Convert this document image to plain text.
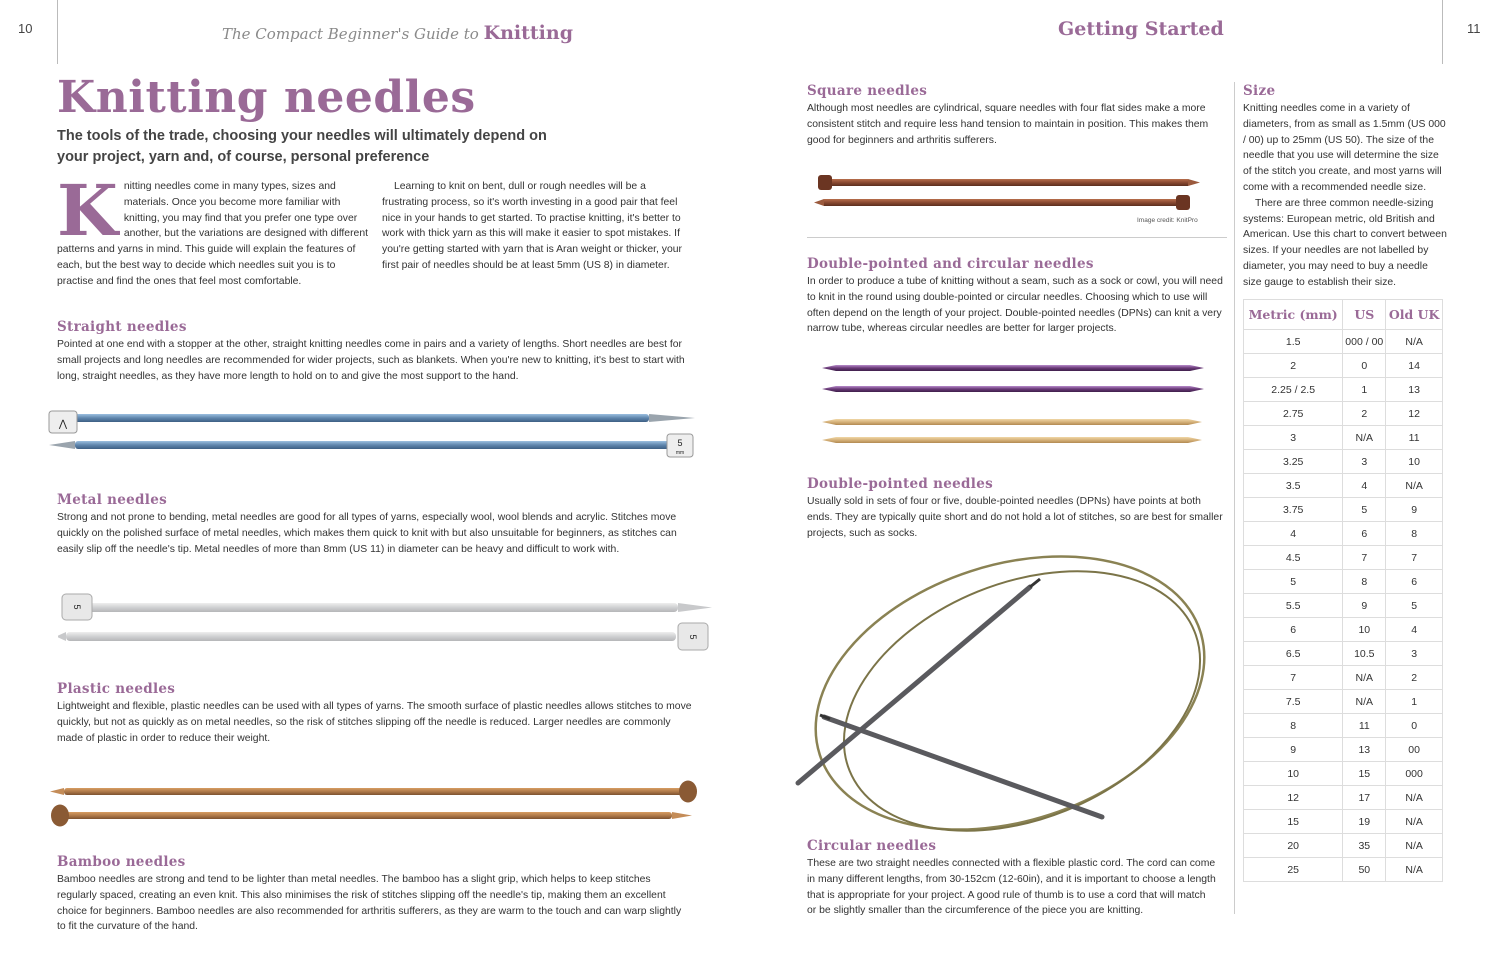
10	The Compact Beginner's Guide to Knitting	Getting Started	11
Knitting needles
The tools of the trade, choosing your needles will ultimately depend on your project, yarn and, of course, personal preference
K nitting needles come in many types, sizes and materials. Once you become more familiar with knitting, you may find that you prefer one type over another, but the variations are designed with different patterns and yarns in mind. This guide will explain the features of each, but the best way to decide which needles suit you is to practise and find the ones that feel most comfortable.

Learning to knit on bent, dull or rough needles will be a frustrating process, so it's worth investing in a good pair that feel nice in your hands to get started. To practise knitting, it's better to work with thick yarn as this will make it easier to spot mistakes. If you're getting started with yarn that is Aran weight or thicker, your first pair of needles should be at least 5mm (US 8) in diameter.

Straight needles
Pointed at one end with a stopper at the other, straight knitting needles come in pairs and a variety of lengths. Short needles are best for small projects and long needles are recommended for wider projects, such as blankets. When you're new to knitting, it's best to start with long, straight needles, as they have more length to hold on to and give the most support to the hand.
⋀
5
mm
Metal needles
Strong and not prone to bending, metal needles are good for all types of yarns, especially wool, wool blends and acrylic. Stitches move quickly on the polished surface of metal needles, which makes them quick to knit with but also unsuitable for beginners, as stitches can easily slip off the needle's tip. Metal needles of more than 8mm (US 11) in diameter can be heavy and difficult to work with.
5
5
Plastic needles
Lightweight and flexible, plastic needles can be used with all types of yarns. The smooth surface of plastic needles allows stitches to move quickly, but not as quickly as on metal needles, so the risk of stitches slipping off the needle is reduced. Larger needles are commonly made of plastic in order to reduce their weight.
Bamboo needles
Bamboo needles are strong and tend to be lighter than metal needles. The bamboo has a slight grip, which helps to keep stitches regularly spaced, creating an even knit. This also minimises the risk of stitches slipping off the needle's tip, making them an excellent choice for beginners. Bamboo needles are also recommended for arthritis sufferers, as they are warm to the touch and can warp slightly to fit the curvature of the hand.
Square needles
Although most needles are cylindrical, square needles with four flat sides make a more consistent stitch and require less hand tension to maintain in position. This makes them good for beginners and arthritis sufferers.
Image credit: KnitPro
Double-pointed and circular needles
In order to produce a tube of knitting without a seam, such as a sock or cowl, you will need to knit in the round using double-pointed or circular needles. Choosing which to use will often depend on the length of your project. Double-pointed needles (DPNs) can knit a very narrow tube, whereas circular needles are better for larger projects.
Double-pointed needles
Usually sold in sets of four or five, double-pointed needles (DPNs) have points at both ends. They are typically quite short and do not hold a lot of stitches, so are best for smaller projects, such as socks.
Circular needles
These are two straight needles connected with a flexible plastic cord. The cord can come in many different lengths, from 30-152cm (12-60in), and it is important to choose a length that is appropriate for your project. A good rule of thumb is to use a cord that will match or be slightly smaller than the circumference of the piece you are knitting.
Size

Knitting needles come in a variety of diameters, from as small as 1.5mm (US 000 / 00) up to 25mm (US 50). The size of the needle that you use will determine the size of the stitch you create, and most yarns will come with a recommended needle size.

There are three common needle-sizing systems: European metric, old British and American. Use this chart to convert between sizes. If your needles are not labelled by diameter, you may need to buy a needle size gauge to establish their size.

Metric (mm)	US	Old UK
1.5	000 / 00	N/A
2	0	14
2.25 / 2.5	1	13
2.75	2	12
3	N/A	11
3.25	3	10
3.5	4	N/A
3.75	5	9
4	6	8
4.5	7	7
5	8	6
5.5	9	5
6	10	4
6.5	10.5	3
7	N/A	2
7.5	N/A	1
8	11	0
9	13	00
10	15	000
12	17	N/A
15	19	N/A
20	35	N/A
25	50	N/A
